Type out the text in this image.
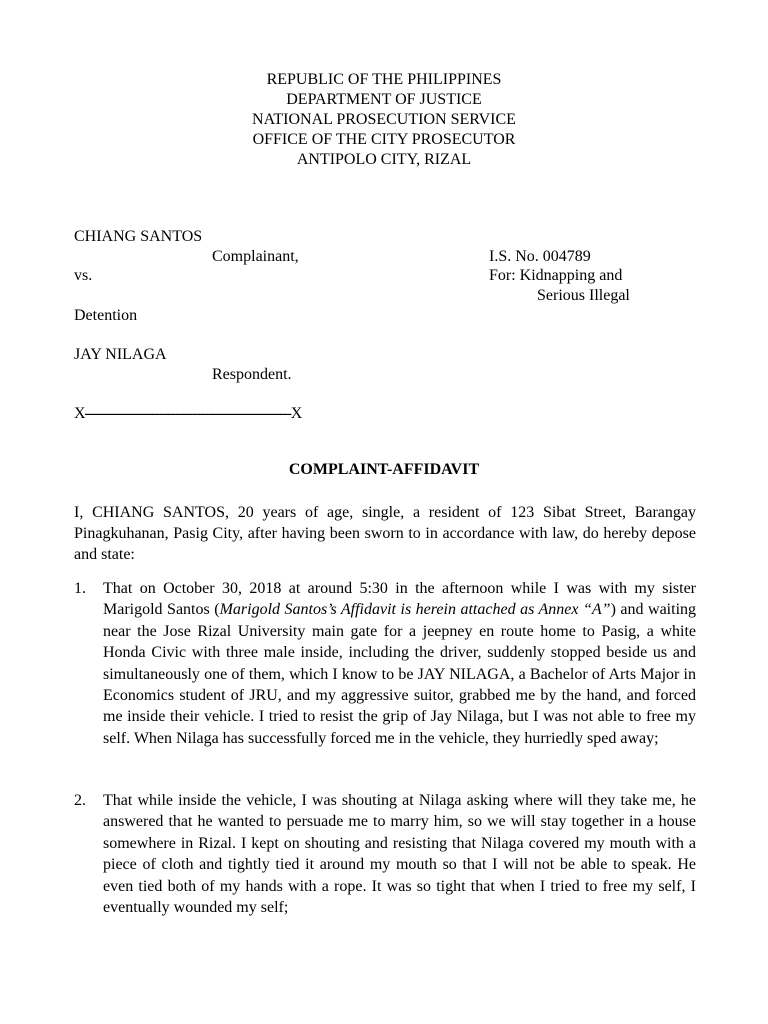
REPUBLIC OF THE PHILIPPINES
DEPARTMENT OF JUSTICE
NATIONAL PROSECUTION SERVICE
OFFICE OF THE CITY PROSECUTOR
ANTIPOLO CITY, RIZAL
CHIANG SANTOS
Complainant,	I.S. No. 004789
vs.	For: Kidnapping and
Serious Illegal
Detention
JAY NILAGA
Respondent.
X--------------------------------------------------X
COMPLAINT-AFFIDAVIT
I, CHIANG SANTOS, 20 years of age, single, a resident of 123 Sibat Street, Barangay Pinagkuhanan, Pasig City, after having been sworn to in accordance with law, do hereby depose and state:
1. That on October 30, 2018 at around 5:30 in the afternoon while I was with my sister Marigold Santos (Marigold Santos’s Affidavit is herein attached as Annex “A”) and waiting near the Jose Rizal University main gate for a jeepney en route home to Pasig, a white Honda Civic with three male inside, including the driver, suddenly stopped beside us and simultaneously one of them, which I know to be JAY NILAGA, a Bachelor of Arts Major in Economics student of JRU, and my aggressive suitor, grabbed me by the hand, and forced me inside their vehicle. I tried to resist the grip of Jay Nilaga, but I was not able to free my self. When Nilaga has successfully forced me in the vehicle, they hurriedly sped away;
2. That while inside the vehicle, I was shouting at Nilaga asking where will they take me, he answered that he wanted to persuade me to marry him, so we will stay together in a house somewhere in Rizal. I kept on shouting and resisting that Nilaga covered my mouth with a piece of cloth and tightly tied it around my mouth so that I will not be able to speak. He even tied both of my hands with a rope. It was so tight that when I tried to free my self, I eventually wounded my self;
